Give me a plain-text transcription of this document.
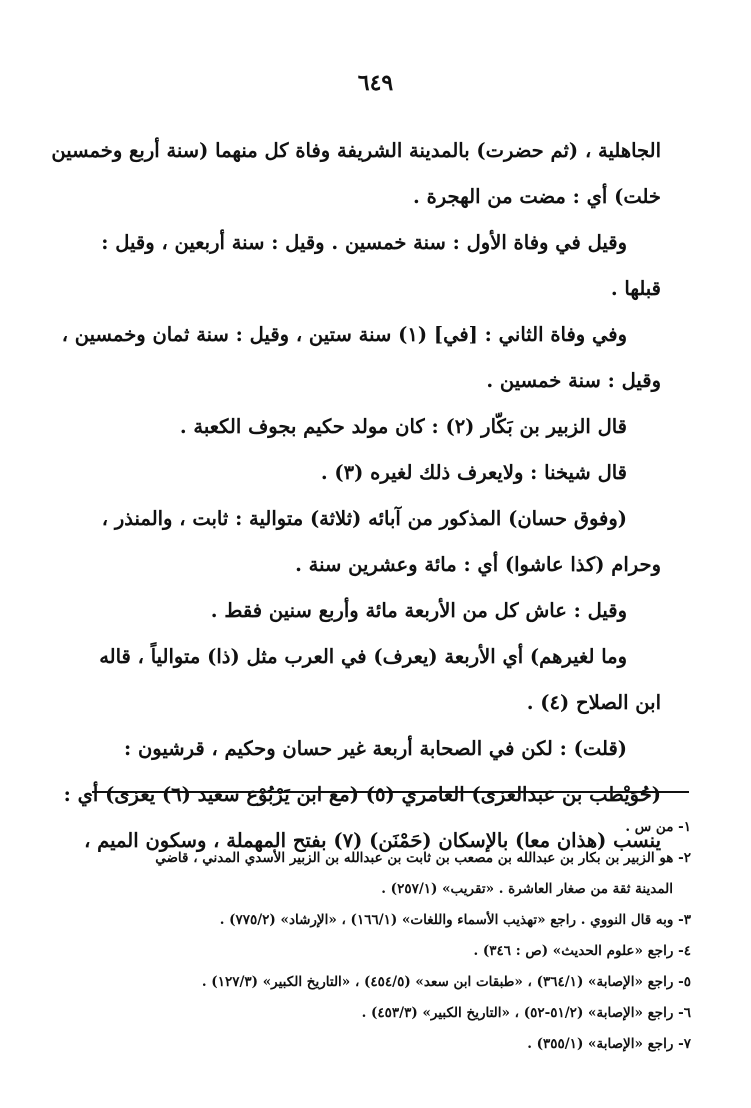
٦٤٩
الجاهلية ، (ثم حضرت) بالمدينة الشريفة وفاة كل منهما (سنة أربع وخمسين
خلت) أي : مضت من الهجرة .
وقيل في وفاة الأول : سنة خمسين . وقيل : سنة أربعين ، وقيل :
قبلها .
وفي وفاة الثاني : [في] (١) سنة ستين ، وقيل : سنة ثمان وخمسين ،
وقيل : سنة خمسين .
قال الزبير بن بَكّار (٢) : كان مولد حكيم بجوف الكعبة .
قال شيخنا : ولايعرف ذلك لغيره (٣) .
(وفوق حسان) المذكور من آبائه (ثلاثة) متوالية : ثابت ، والمنذر ،
وحرام (كذا عاشوا) أي : مائة وعشرين سنة .
وقيل : عاش كل من الأربعة مائة وأربع سنين فقط .
وما لغيرهم) أي الأربعة (يعرف) في العرب مثل (ذا) متوالياً ، قاله
ابن الصلاح (٤) .
(قلت) : لكن في الصحابة أربعة غير حسان وحكيم ، قرشيون :
(حُوَيْطب بن عبدالعزى) العامري (٥) (مع ابن يَرْبُوْع سعيد (٦) يعزى) أي :
ينسب (هذان معا) بالإسكان (حَمْنَن) (٧) بفتح المهملة ، وسكون الميم ،
١- من س .
٢- هو الزبير بن بكار بن عبدالله بن مصعب بن ثابت بن عبدالله بن الزبير الأسدي المدني ، قاضي
المدينة ثقة من صغار العاشرة . «تقريب» (٢٥٧/١) .
٣- وبه قال النووي . راجع «تهذيب الأسماء واللغات» (١٦٦/١) ، «الإرشاد» (٧٧٥/٢) .
٤- راجع «علوم الحديث» (ص : ٣٤٦) .
٥- راجع «الإصابة» (٣٦٤/١) ، «طبقات ابن سعد» (٤٥٤/٥) ، «التاريخ الكبير» (١٢٧/٣) .
٦- راجع «الإصابة» (٥١/٢-٥٢) ، «التاريخ الكبير» (٤٥٣/٣) .
٧- راجع «الإصابة» (٣٥٥/١) .
